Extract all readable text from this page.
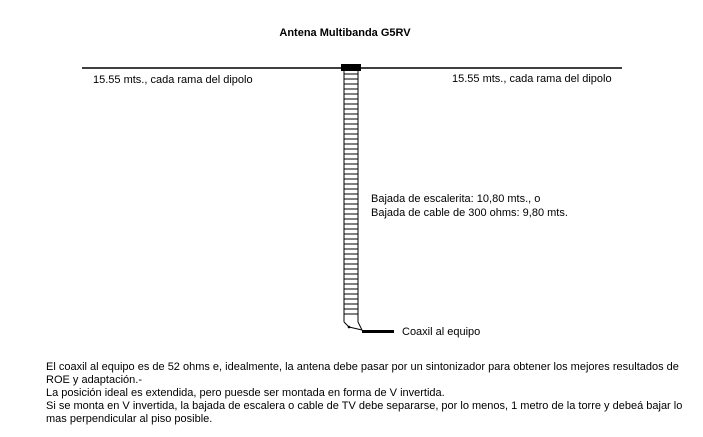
Antena Multibanda G5RV
15.55 mts., cada rama del dipolo	15.55 mts., cada rama del dipolo
Bajada de escalerita: 10,80 mts., o
Bajada de cable de 300 ohms: 9,80 mts.
Coaxil al equipo
El coaxil al equipo es de 52 ohms e, idealmente, la antena debe pasar por un sintonizador para obtener los mejores resultados de
ROE y adaptación.-
La posición ideal es extendida, pero puesde ser montada en forma de V invertida.
Si se monta en V invertida, la bajada de escalera o cable de TV debe separarse, por lo menos, 1 metro de la torre y debeá bajar lo
mas perpendicular al piso posible.
